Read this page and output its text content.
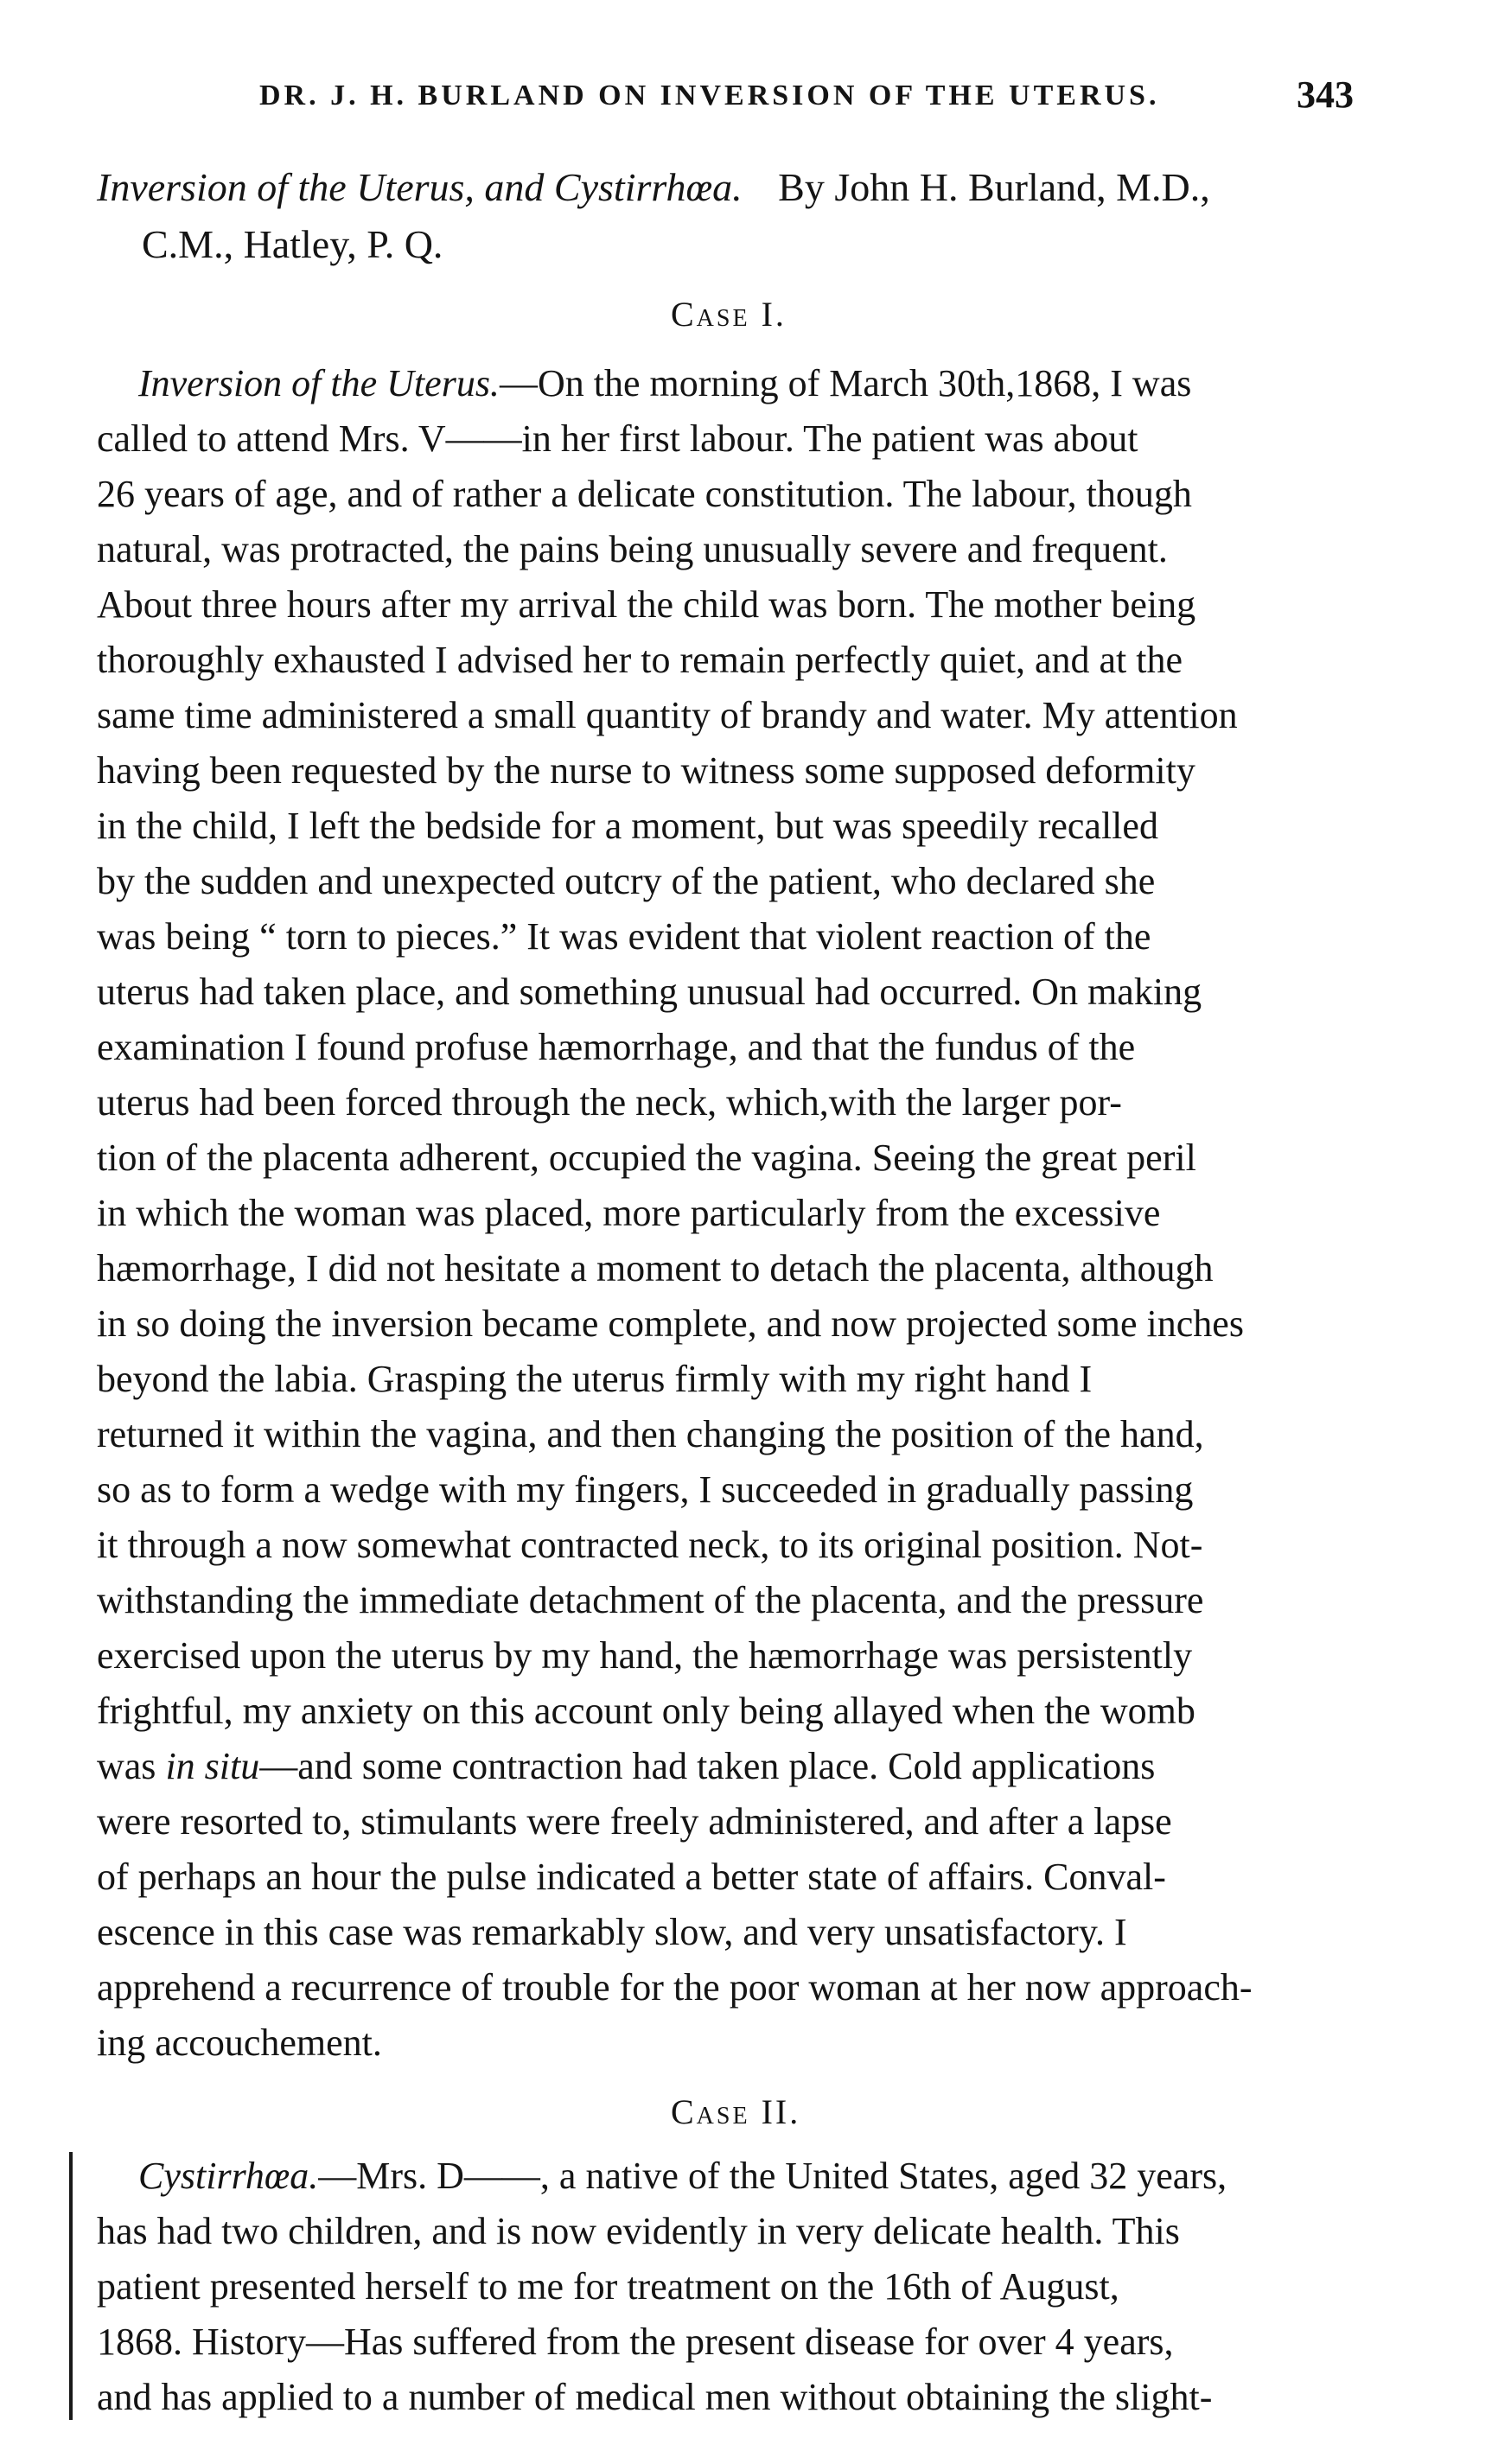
DR. J. H. BURLAND ON INVERSION OF THE UTERUS.	343
Inversion of the Uterus, and Cystirrhœa. By John H. Burland, M.D.,
C.M., Hatley, P. Q.
Case I.
Inversion of the Uterus.—On the morning of March 30th,1868, I was
called to attend Mrs. V——in her first labour. The patient was about
26 years of age, and of rather a delicate constitution. The labour, though
natural, was protracted, the pains being unusually severe and frequent.
About three hours after my arrival the child was born. The mother being
thoroughly exhausted I advised her to remain perfectly quiet, and at the
same time administered a small quantity of brandy and water. My attention
having been requested by the nurse to witness some supposed deformity
in the child, I left the bedside for a moment, but was speedily recalled
by the sudden and unexpected outcry of the patient, who declared she
was being “ torn to pieces.” It was evident that violent reaction of the
uterus had taken place, and something unusual had occurred. On making
examination I found profuse hæmorrhage, and that the fundus of the
uterus had been forced through the neck, which,with the larger por-
tion of the placenta adherent, occupied the vagina. Seeing the great peril
in which the woman was placed, more particularly from the excessive
hæmorrhage, I did not hesitate a moment to detach the placenta, although
in so doing the inversion became complete, and now projected some inches
beyond the labia. Grasping the uterus firmly with my right hand I
returned it within the vagina, and then changing the position of the hand,
so as to form a wedge with my fingers, I succeeded in gradually passing
it through a now somewhat contracted neck, to its original position. Not-
withstanding the immediate detachment of the placenta, and the pressure
exercised upon the uterus by my hand, the hæmorrhage was persistently
frightful, my anxiety on this account only being allayed when the womb
was in situ—and some contraction had taken place. Cold applications
were resorted to, stimulants were freely administered, and after a lapse
of perhaps an hour the pulse indicated a better state of affairs. Conval-
escence in this case was remarkably slow, and very unsatisfactory. I
apprehend a recurrence of trouble for the poor woman at her now approach-
ing accouchement.
Case II.
Cystirrhœa.—Mrs. D——, a native of the United States, aged 32 years,
has had two children, and is now evidently in very delicate health. This
patient presented herself to me for treatment on the 16th of August,
1868. History—Has suffered from the present disease for over 4 years,
and has applied to a number of medical men without obtaining the slight-
